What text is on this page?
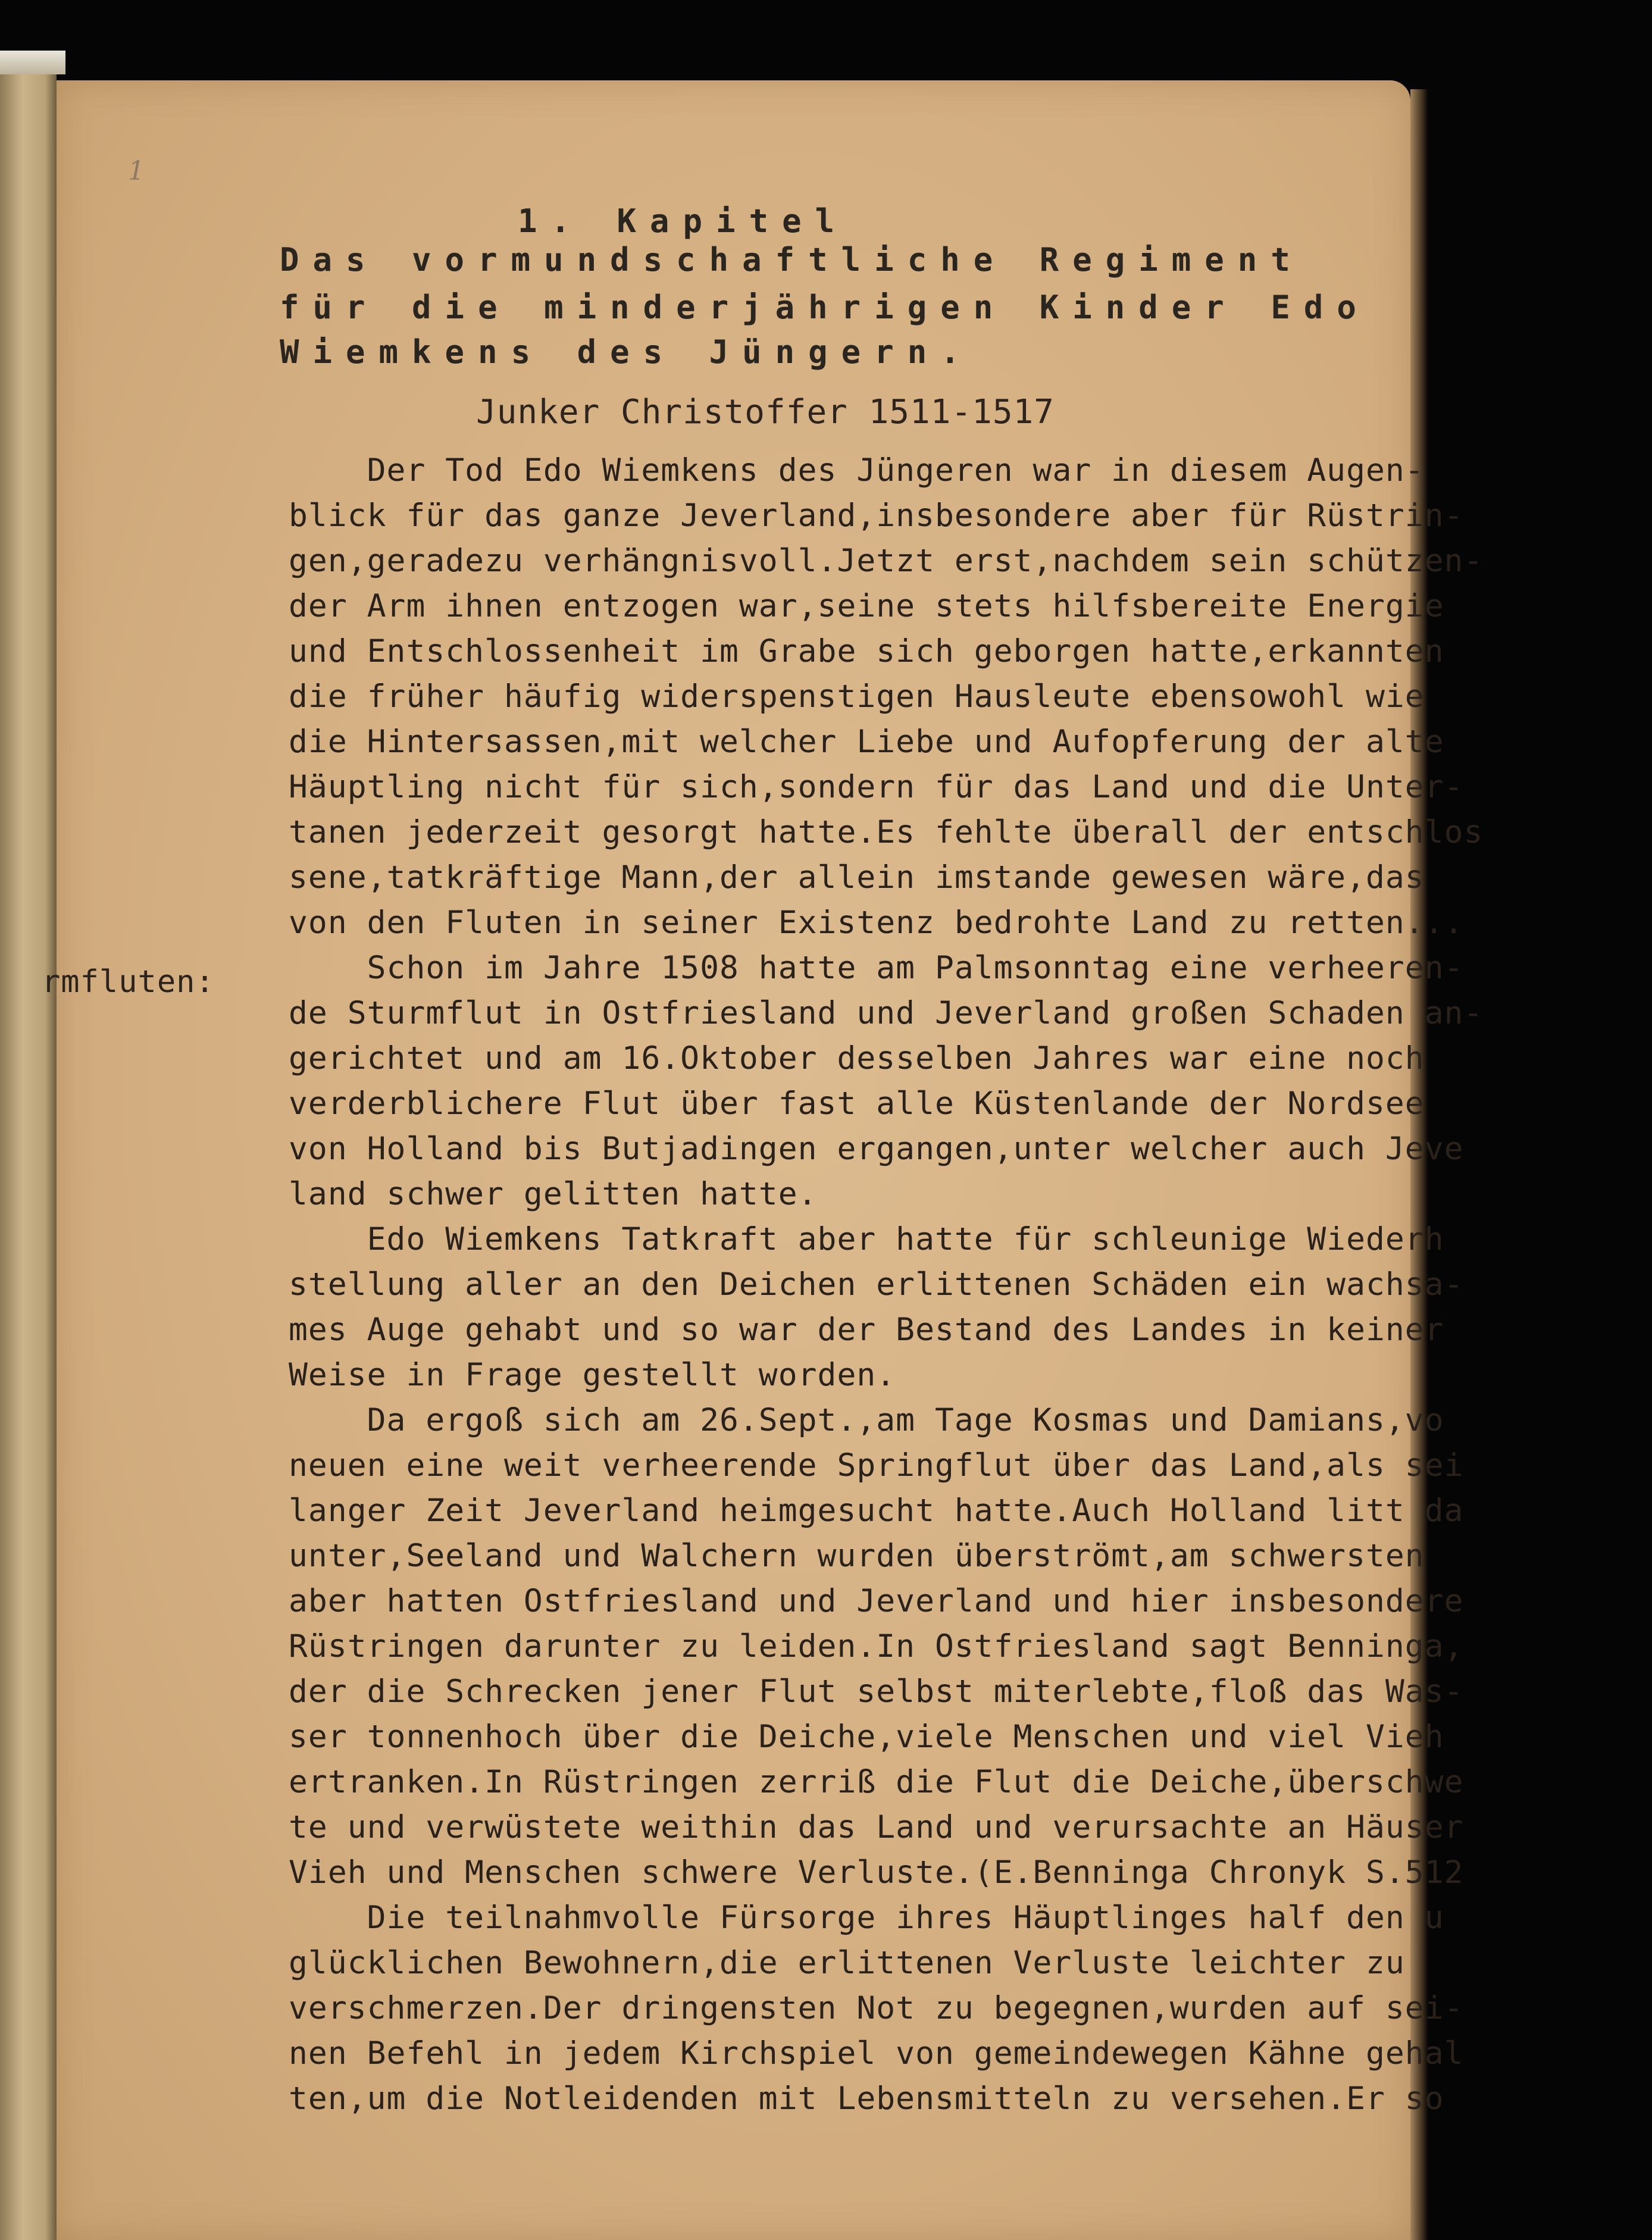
1
1. Kapitel
Das vormundschaftliche Regiment
für die minderjährigen Kinder Edo
Wiemkens des Jüngern.
Junker Christoffer 1511-1517
rmfluten:
Der Tod Edo Wiemkens des Jüngeren war in diesem Augen-
blick für das ganze Jeverland,insbesondere aber für Rüstrin-
gen,geradezu verhängnisvoll.Jetzt erst,nachdem sein schützen-
der Arm ihnen entzogen war,seine stets hilfsbereite Energie
und Entschlossenheit im Grabe sich geborgen hatte,erkannten
die früher häufig widerspenstigen Hausleute ebensowohl wie
die Hintersassen,mit welcher Liebe und Aufopferung der alte
Häuptling nicht für sich,sondern für das Land und die Unter-
tanen jederzeit gesorgt hatte.Es fehlte überall der entschlos
sene,tatkräftige Mann,der allein imstande gewesen wäre,das
von den Fluten in seiner Existenz bedrohte Land zu retten...
Schon im Jahre 1508 hatte am Palmsonntag eine verheeren-
de Sturmflut in Ostfriesland und Jeverland großen Schaden an-
gerichtet und am 16.Oktober desselben Jahres war eine noch
verderblichere Flut über fast alle Küstenlande der Nordsee
von Holland bis Butjadingen ergangen,unter welcher auch Jeve
land schwer gelitten hatte.
Edo Wiemkens Tatkraft aber hatte für schleunige Wiederh
stellung aller an den Deichen erlittenen Schäden ein wachsa-
mes Auge gehabt und so war der Bestand des Landes in keiner
Weise in Frage gestellt worden.
Da ergoß sich am 26.Sept.,am Tage Kosmas und Damians,vo
neuen eine weit verheerende Springflut über das Land,als sei
langer Zeit Jeverland heimgesucht hatte.Auch Holland litt da
unter,Seeland und Walchern wurden überströmt,am schwersten
aber hatten Ostfriesland und Jeverland und hier insbesondere
Rüstringen darunter zu leiden.In Ostfriesland sagt Benninga,
der die Schrecken jener Flut selbst miterlebte,floß das Was-
ser tonnenhoch über die Deiche,viele Menschen und viel Vieh
ertranken.In Rüstringen zerriß die Flut die Deiche,überschwe
te und verwüstete weithin das Land und verursachte an Häuser
Vieh und Menschen schwere Verluste.(E.Benninga Chronyk S.512
Die teilnahmvolle Fürsorge ihres Häuptlinges half den u
glücklichen Bewohnern,die erlittenen Verluste leichter zu
verschmerzen.Der dringensten Not zu begegnen,wurden auf sei-
nen Befehl in jedem Kirchspiel von gemeindewegen Kähne gehal
ten,um die Notleidenden mit Lebensmitteln zu versehen.Er so
